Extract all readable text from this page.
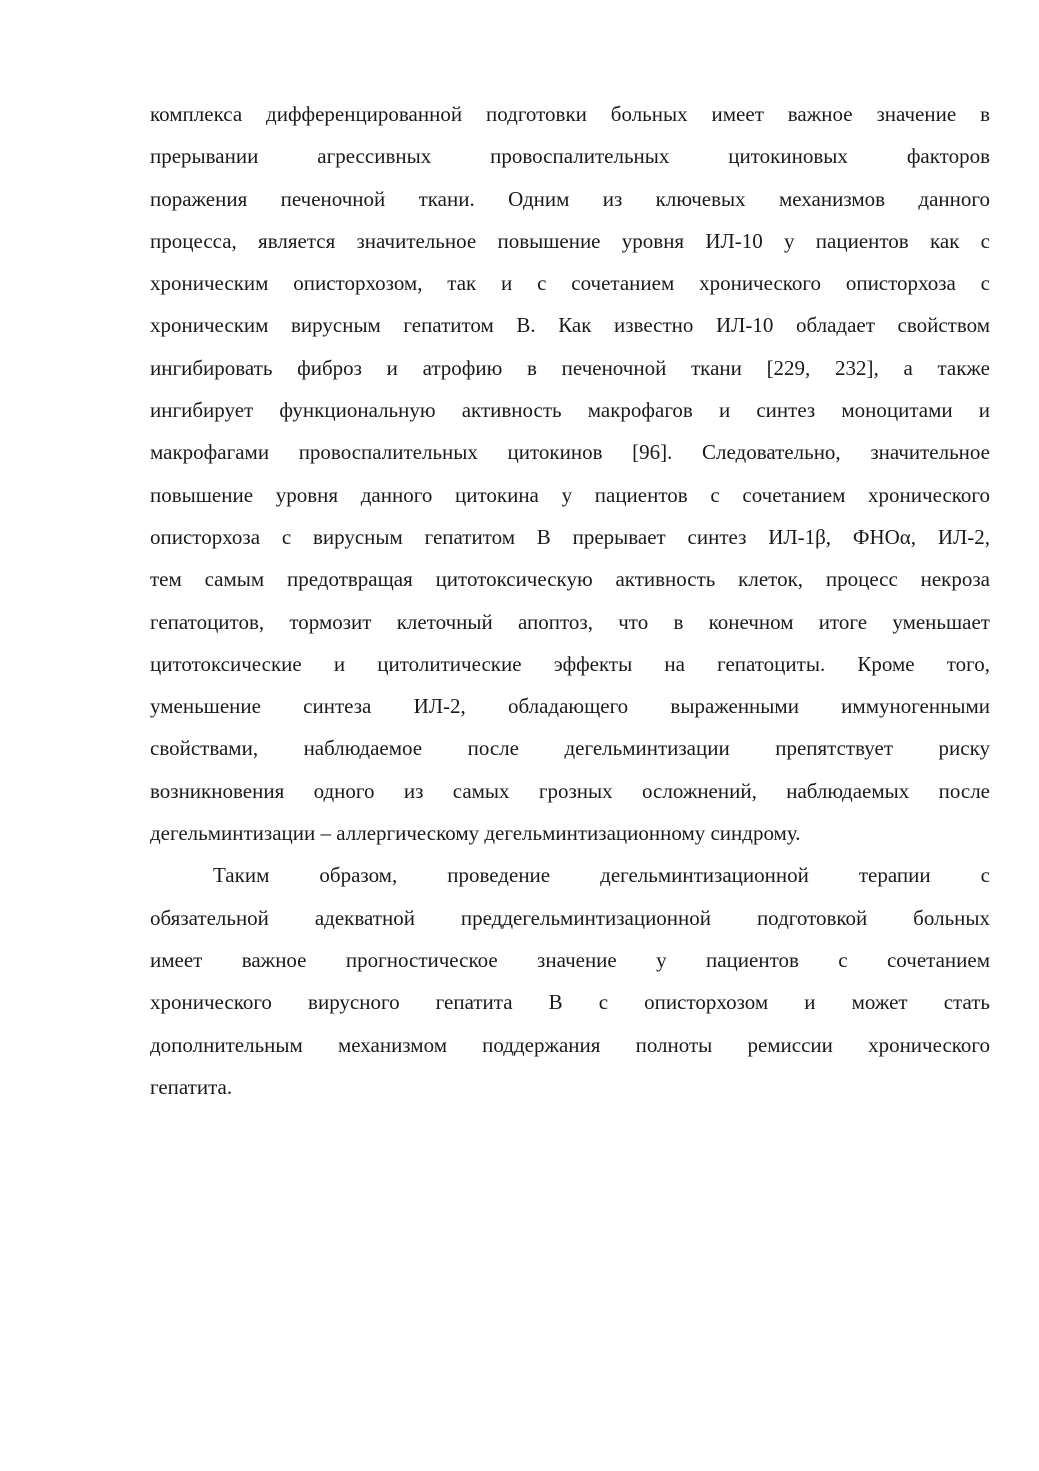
комплекса дифференцированной подготовки больных имеет важное значение в
прерывании агрессивных провоспалительных цитокиновых факторов
поражения печеночной ткани. Одним из ключевых механизмов данного
процесса, является значительное повышение уровня ИЛ-10 у пациентов как с
хроническим описторхозом, так и с сочетанием хронического описторхоза с
хроническим вирусным гепатитом В. Как известно ИЛ-10 обладает свойством
ингибировать фиброз и атрофию в печеночной ткани [229, 232], а также
ингибирует функциональную активность макрофагов и синтез моноцитами и
макрофагами провоспалительных цитокинов [96]. Следовательно, значительное
повышение уровня данного цитокина у пациентов с сочетанием хронического
описторхоза с вирусным гепатитом В прерывает синтез ИЛ-1β, ФНОα, ИЛ-2,
тем самым предотвращая цитотоксическую активность клеток, процесс некроза
гепатоцитов, тормозит клеточный апоптоз, что в конечном итоге уменьшает
цитотоксические и цитолитические эффекты на гепатоциты. Кроме того,
уменьшение синтеза ИЛ-2, обладающего выраженными иммуногенными
свойствами, наблюдаемое после дегельминтизации препятствует риску
возникновения одного из самых грозных осложнений, наблюдаемых после
дегельминтизации – аллергическому дегельминтизационному синдрому.
Таким образом, проведение дегельминтизационной терапии с
обязательной адекватной преддегельминтизационной подготовкой больных
имеет важное прогностическое значение у пациентов с сочетанием
хронического вирусного гепатита В с описторхозом и может стать
дополнительным механизмом поддержания полноты ремиссии хронического
гепатита.
